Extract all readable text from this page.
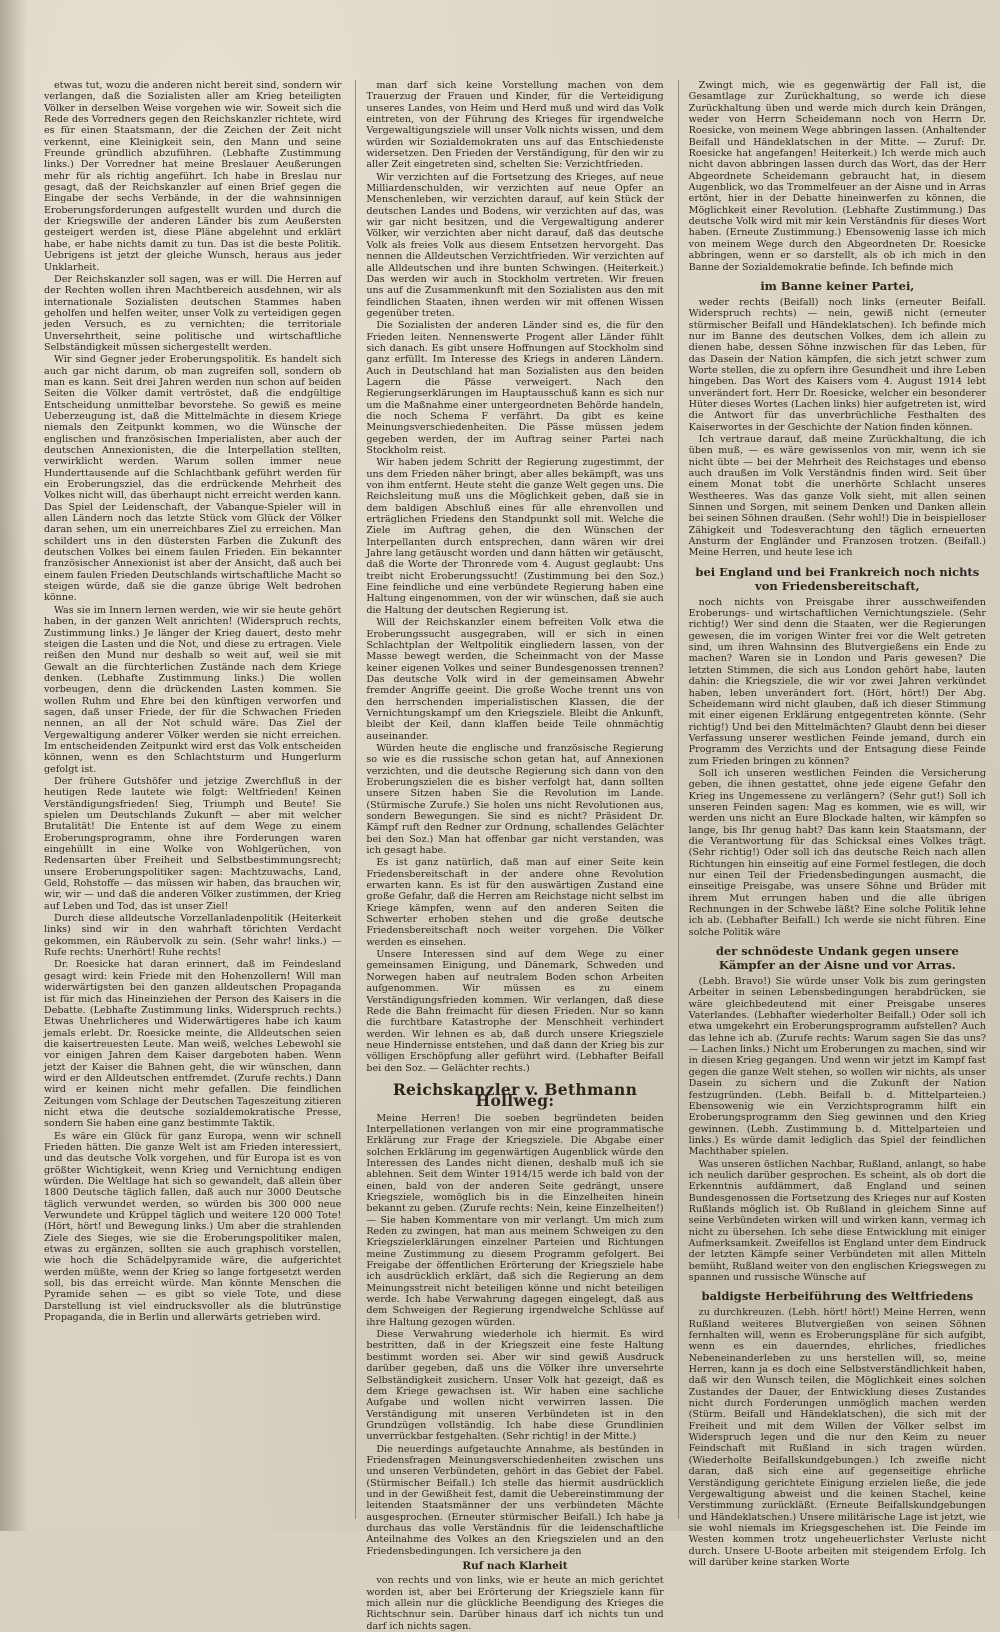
etwas tut, wozu die anderen nicht bereit sind, sondern wir verlangen, daß die Sozialisten aller am Krieg beteiligten Völker in derselben Weise vorgehen wie wir. Soweit sich die Rede des Vorredners gegen den Reichskanzler richtete, wird es für einen Staatsmann, der die Zeichen der Zeit nicht verkennt, eine Kleinigkeit sein, den Mann und seine Freunde gründlich abzuführen. (Lebhafte Zustimmung links.) Der Vorredner hat meine Breslauer Aeußerungen mehr für als richtig angeführt. Ich habe in Breslau nur gesagt, daß der Reichskanzler auf einen Brief gegen die Eingabe der sechs Verbände, in der die wahnsinnigen Eroberungsforderungen aufgestellt wurden und durch die der Kriegswille der anderen Länder bis zum Aeußersten gesteigert werden ist, diese Pläne abgelehnt und erklärt habe, er habe nichts damit zu tun. Das ist die beste Politik. Uebrigens ist jetzt der gleiche Wunsch, heraus aus jeder Unklarheit.

Der Reichskanzler soll sagen, was er will. Die Herren auf der Rechten wollen ihren Machtbereich ausdehnen, wir als internationale Sozialisten deutschen Stammes haben geholfen und helfen weiter, unser Volk zu verteidigen gegen jeden Versuch, es zu vernichten; die territoriale Unversehrtheit, seine politische und wirtschaftliche Selbständigkeit müssen sichergestellt werden.

Wir sind Gegner jeder Eroberungspolitik. Es handelt sich auch gar nicht darum, ob man zugreifen soll, sondern ob man es kann. Seit drei Jahren werden nun schon auf beiden Seiten die Völker damit vertröstet, daß die endgültige Entscheidung unmittelbar bevorstehe. So gewiß es meine Ueberzeugung ist, daß die Mittelmächte in diesem Kriege niemals den Zeitpunkt kommen, wo die Wünsche der englischen und französischen Imperialisten, aber auch der deutschen Annexionisten, die die Interpellation stellten, verwirklicht werden. Warum sollen immer neue Hunderttausende auf die Schlachtbank geführt werden für ein Eroberungsziel, das die erdrückende Mehrheit des Volkes nicht will, das überhaupt nicht erreicht werden kann. Das Spiel der Leidenschaft, der Vabanque-Spieler will in allen Ländern noch das letzte Stück vom Glück der Völker daran sehen, um ein unerreichbares Ziel zu erreichen. Man schildert uns in den düstersten Farben die Zukunft des deutschen Volkes bei einem faulen Frieden. Ein bekannter französischer Annexionist ist aber der Ansicht, daß auch bei einem faulen Frieden Deutschlands wirtschaftliche Macht so steigen würde, daß sie die ganze übrige Welt bedrohen könne.

Was sie im Innern lernen werden, wie wir sie heute gehört haben, in der ganzen Welt anrichten! (Widerspruch rechts, Zustimmung links.) Je länger der Krieg dauert, desto mehr steigen die Lasten und die Not, und diese zu ertragen. Viele reißen den Mund nur deshalb so weit auf, weil sie mit Gewalt an die fürchterlichen Zustände nach dem Kriege denken. (Lebhafte Zustimmung links.) Die wollen vorbeugen, denn die drückenden Lasten kommen. Sie wollen Ruhm und Ehre bei den künftigen verworfen und sagen, daß unser Friede, der für die Schwachen Frieden nennen, an all der Not schuld wäre. Das Ziel der Vergewaltigung anderer Völker werden sie nicht erreichen. Im entscheidenden Zeitpunkt wird erst das Volk entscheiden können, wenn es den Schlachtsturm und Hungerlurm gefolgt ist.

Der frühere Gutshöfer und jetzige Zwerchfluß in der heutigen Rede lautete wie folgt: Weltfrieden! Keinen Verständigungsfrieden! Sieg, Triumph und Beute! Sie spielen um Deutschlands Zukunft — aber mit welcher Brutalität! Die Entente ist auf dem Wege zu einem Eroberungsprogramm, ohne ihre Forderungen waren eingehüllt in eine Wolke von Wohlgerüchen, von Redensarten über Freiheit und Selbstbestimmungsrecht; unsere Eroberungspolitiker sagen: Machtzuwachs, Land, Geld, Rohstoffe — das müssen wir haben, das brauchen wir, wir, wir — und daß die anderen Völker zustimmen, der Krieg auf Leben und Tod, das ist unser Ziel!

Durch diese alldeutsche Vorzellanladenpolitik (Heiterkeit links) sind wir in den wahrhaft törichten Verdacht gekommen, ein Räubervolk zu sein. (Sehr wahr! links.) — Rufe rechts: Unerhört! Ruhe rechts!

Dr. Roesicke hat daran erinnert, daß im Feindesland gesagt wird: kein Friede mit den Hohenzollern! Will man widerwärtigsten bei den ganzen alldeutschen Propaganda ist für mich das Hineinziehen der Person des Kaisers in die Debatte. (Lebhafte Zustimmung links, Widerspruch rechts.) Etwas Unehrlicheres und Widerwärtigeres habe ich kaum jemals erlebt. Dr. Roesicke meinte, die Alldeutschen seien die kaisertreuesten Leute. Man weiß, welches Lebewohl sie vor einigen Jahren dem Kaiser dargeboten haben. Wenn jetzt der Kaiser die Bahnen geht, die wir wünschen, dann wird er den Alldeutschen entfremdet. (Zurufe rechts.) Dann wird er keinen nicht mehr gefallen. Die feindlichen Zeitungen vom Schlage der Deutschen Tageszeitung zitieren nicht etwa die deutsche sozialdemokratische Presse, sondern Sie haben eine ganz bestimmte Taktik.

Es wäre ein Glück für ganz Europa, wenn wir schnell Frieden hätten. Die ganze Welt ist am Frieden interessiert, und das deutsche Volk vorgehen, und für Europa ist es von größter Wichtigkeit, wenn Krieg und Vernichtung endigen würden. Die Weltlage hat sich so gewandelt, daß allein über 1800 Deutsche täglich fallen, daß auch nur 3000 Deutsche täglich verwundet werden, so würden bis 300 000 neue Verwundete und Krüppel täglich und weitere 120 000 Tote! (Hört, hört! und Bewegung links.) Um aber die strahlenden Ziele des Sieges, wie sie die Eroberungspolitiker malen, etwas zu ergänzen, sollten sie auch graphisch vorstellen, wie hoch die Schädelpyramide wäre, die aufgerichtet werden müßte, wenn der Krieg so lange fortgesetzt werden soll, bis das erreicht würde. Man könnte Menschen die Pyramide sehen — es gibt so viele Tote, und diese Darstellung ist viel eindrucksvoller als die blutrünstige Propaganda, die in Berlin und allerwärts getrieben wird.

man darf sich keine Vorstellung machen von dem Trauerzug der Frauen und Kinder, für die Verteidigung unseres Landes, von Heim und Herd muß und wird das Volk eintreten, von der Führung des Krieges für irgendwelche Vergewaltigungsziele will unser Volk nichts wissen, und dem würden wir Sozialdemokraten uns auf das Entschiedenste widersetzen. Den Frieden der Verständigung, für den wir zu aller Zeit eingetreten sind, schelten Sie: Verzichtfrieden.

Wir verzichten auf die Fortsetzung des Krieges, auf neue Milliardenschulden, wir verzichten auf neue Opfer an Menschenleben, wir verzichten darauf, auf kein Stück der deutschen Landes und Bodens, wir verzichten auf das, was wir gar nicht besitzen, und die Vergewaltigung anderer Völker, wir verzichten aber nicht darauf, daß das deutsche Volk als freies Volk aus diesem Entsetzen hervorgeht. Das nennen die Alldeutschen Verzichtfrieden. Wir verzichten auf alle Alldeutschen und ihre bunten Schwingen. (Heiterkeit.) Das werden wir auch in Stockholm vertreten. Wir freuen uns auf die Zusammenkunft mit den Sozialisten aus den mit feindlichen Staaten, ihnen werden wir mit offenen Wissen gegenüber treten.

Die Sozialisten der anderen Länder sind es, die für den Frieden leiten. Nennenswerte Progent aller Länder fühlt sich danach. Es gibt unsere Hoffnungen auf Stockholm sind ganz erfüllt. Im Interesse des Kriegs in anderen Ländern. Auch in Deutschland hat man Sozialisten aus den beiden Lagern die Pässe verweigert. Nach den Regierungserklärungen im Hauptausschuß kann es sich nur um die Maßnahme einer untergeordneten Behörde handeln, die noch Schema F verfährt. Da gibt es keine Meinungsverschiedenheiten. Die Pässe müssen jedem gegeben werden, der im Auftrag seiner Partei nach Stockholm reist.

Wir haben jedem Schritt der Regierung zugestimmt, der uns dem Frieden näher bringt, aber alles bekämpft, was uns von ihm entfernt. Heute steht die ganze Welt gegen uns. Die Reichsleitung muß uns die Möglichkeit geben, daß sie in dem baldigen Abschluß eines für alle ehrenvollen und erträglichen Friedens den Standpunkt soll mit. Welche die Ziele im Auftrag gehen, die den Wünschen der Interpellanten durch entsprechen, dann wären wir drei Jahre lang getäuscht worden und dann hätten wir getäuscht, daß die Worte der Thronrede vom 4. August geglaubt: Uns treibt nicht Eroberungssucht! (Zustimmung bei den Soz.) Eine feindliche und eine verbündete Regierung haben eine Haltung eingenommen, von der wir wünschen, daß sie auch die Haltung der deutschen Regierung ist.

Will der Reichskanzler einem befreiten Volk etwa die Eroberungssucht ausgegraben, will er sich in einen Schlachtplan der Weltpolitik eingliedern lassen, von der Masse bewegt werden, die Scheinmacht von der Masse keiner eigenen Volkes und seiner Bundesgenossen trennen? Das deutsche Volk wird in der gemeinsamen Abwehr fremder Angriffe geeint. Die große Woche trennt uns von den herrschenden imperialistischen Klassen, die der Vernichtungskampf um den Kriegsziele. Bleibt die Ankunft, bleibt der Keil, dann klaffen beide Teile ohnmächtig auseinander.

Würden heute die englische und französische Regierung so wie es die russische schon getan hat, auf Annexionen verzichten, und die deutsche Regierung sich dann von den Eroberungszielen die es bisher verfolgt hat, dann sollten unsere Sitzen haben Sie die Revolution im Lande. (Stürmische Zurufe.) Sie holen uns nicht Revolutionen aus, sondern Bewegungen. Sie sind es nicht? Präsident Dr. Kämpf ruft den Redner zur Ordnung, schallendes Gelächter bei den Soz.) Man hat offenbar gar nicht verstanden, was ich gesagt habe.

Es ist ganz natürlich, daß man auf einer Seite kein Friedensbereitschaft in der andere ohne Revolution erwarten kann. Es ist für den auswärtigen Zustand eine große Gefahr, daß die Herren am Reichstage nicht selbst im Kriege kämpfen, wenn auf den anderen Seiten die Schwerter erhoben stehen und die große deutsche Friedensbereitschaft noch weiter vorgehen. Die Völker werden es einsehen.

Unsere Interessen sind auf dem Wege zu einer gemeinsamen Einigung, und Dänemark, Schweden und Norwegen haben auf neutralem Boden schon Arbeiten aufgenommen. Wir müssen es zu einem Verständigungsfrieden kommen. Wir verlangen, daß diese Rede die Bahn freimacht für diesen Frieden. Nur so kann die furchtbare Katastrophe der Menschheit verhindert werden. Wir lehnen es ab, daß durch unsere Kriegsziele neue Hindernisse entstehen, und daß dann der Krieg bis zur völligen Erschöpfung aller geführt wird. (Lebhafter Beifall bei den Soz. — Gelächter rechts.)

Reichskanzler v. Bethmann Hollweg:

Meine Herren! Die soeben begründeten beiden Interpellationen verlangen von mir eine programmatische Erklärung zur Frage der Kriegsziele. Die Abgabe einer solchen Erklärung im gegenwärtigen Augenblick würde den Interessen des Landes nicht dienen, deshalb muß ich sie ablehnen. Seit dem Winter 1914/15 werde ich bald von der einen, bald von der anderen Seite gedrängt, unsere Kriegsziele, womöglich bis in die Einzelheiten hinein bekannt zu geben. (Zurufe rechts: Nein, keine Einzelheiten!) — Sie haben Kommentare von mir verlangt. Um mich zum Reden zu zwingen, hat man aus meinem Schweigen zu den Kriegszielerklärungen einzelner Parteien und Richtungen meine Zustimmung zu diesem Programm gefolgert. Bei Freigabe der öffentlichen Erörterung der Kriegsziele habe ich ausdrücklich erklärt, daß sich die Regierung an dem Meinungsstreit nicht beteiligen könne und nicht beteiligen werde. Ich habe Verwahrung dagegen eingelegt, daß aus dem Schweigen der Regierung irgendwelche Schlüsse auf ihre Haltung gezogen würden.

Diese Verwahrung wiederhole ich hiermit. Es wird bestritten, daß in der Kriegszeit eine feste Haltung bestimmt worden sei. Aber wir sind gewiß Ausdruck darüber gegeben, daß uns die Völker ihre unversehrte Selbständigkeit zusichern. Unser Volk hat gezeigt, daß es dem Kriege gewachsen ist. Wir haben eine sachliche Aufgabe und wollen nicht verwirren lassen. Die Verständigung mit unseren Verbündeten ist in den Grundzügen vollständig. Ich habe diese Grundlinien unverrückbar festgehalten. (Sehr richtig! in der Mitte.)

Die neuerdings aufgetauchte Annahme, als bestünden in Friedensfragen Meinungsverschiedenheiten zwischen uns und unseren Verbündeten, gehört in das Gebiet der Fabel. (Stürmischer Beifall.) Ich stelle das hiermit ausdrücklich und in der Gewißheit fest, damit die Uebereinstimmung der leitenden Staatsmänner der uns verbündeten Mächte ausgesprochen. (Erneuter stürmischer Beifall.) Ich habe ja durchaus das volle Verständnis für die leidenschaftliche Anteilnahme des Volkes an den Kriegszielen und an den Friedensbedingungen. Ich versichere ja den

Ruf nach Klarheit

von rechts und von links, wie er heute an mich gerichtet worden ist, aber bei Erörterung der Kriegsziele kann für mich allein nur die glückliche Beendigung des Krieges die Richtschnur sein. Darüber hinaus darf ich nichts tun und darf ich nichts sagen.

Zwingt mich, wie es gegenwärtig der Fall ist, die Gesamtlage zur Zurückhaltung, so werde ich diese Zurückhaltung üben und werde mich durch kein Drängen, weder von Herrn Scheidemann noch von Herrn Dr. Roesicke, von meinem Wege abbringen lassen. (Anhaltender Beifall und Händeklatschen in der Mitte. — Zuruf: Dr. Roesicke hat angefangen! Heiterkeit.) Ich werde mich auch nicht davon abbringen lassen durch das Wort, das der Herr Abgeordnete Scheidemann gebraucht hat, in diesem Augenblick, wo das Trommelfeuer an der Aisne und in Arras ertönt, hier in der Debatte hineinwerfen zu können, die Möglichkeit einer Revolution. (Lebhafte Zustimmung.) Das deutsche Volk wird mit mir kein Verständnis für dieses Wort haben. (Erneute Zustimmung.) Ebensowenig lasse ich mich von meinem Wege durch den Abgeordneten Dr. Roesicke abbringen, wenn er so darstellt, als ob ich mich in den Banne der Sozialdemokratie befinde. Ich befinde mich

im Banne keiner Partei,

weder rechts (Beifall) noch links (erneuter Beifall. Widerspruch rechts) — nein, gewiß nicht (erneuter stürmischer Beifall und Händeklatschen). Ich befinde mich nur im Banne des deutschen Volkes, dem ich allein zu dienen habe, dessen Söhne inzwischen für das Leben, für das Dasein der Nation kämpfen, die sich jetzt schwer zum Worte stellen, die zu opfern ihre Gesundheit und ihre Leben hingeben. Das Wort des Kaisers vom 4. August 1914 lebt unverändert fort. Herr Dr. Roesicke, welcher ein besonderer Hüter dieses Wortes (Lachen links) hier aufgetreten ist, wird die Antwort für das unverbrüchliche Festhalten des Kaiserwortes in der Geschichte der Nation finden können.

Ich vertraue darauf, daß meine Zurückhaltung, die ich üben muß, — es wäre gewissenlos von mir, wenn ich sie nicht übte — bei der Mehrheit des Reichstages und ebenso auch draußen im Volk Verständnis finden wird. Seit über einem Monat tobt die unerhörte Schlacht unseres Westheeres. Was das ganze Volk sieht, mit allen seinen Sinnen und Sorgen, mit seinem Denken und Danken allein bei seinen Söhnen draußen. (Sehr wohl!) Die in beispielloser Zähigkeit und Todesverachtung den täglich erneuerten Ansturm der Engländer und Franzosen trotzen. (Beifall.) Meine Herren, und heute lese ich

bei England und bei Frankreich noch nichts von Friedensbereitschaft,

noch nichts von Preisgabe ihrer ausschweifenden Eroberungs- und wirtschaftlichen Vernichtungsziele. (Sehr richtig!) Wer sind denn die Staaten, wer die Regierungen gewesen, die im vorigen Winter frei vor die Welt getreten sind, um ihren Wahnsinn des Blutvergießens ein Ende zu machen? Waren sie in London und Paris gewesen? Die letzten Stimmen, die sich aus London gehört habe, lauten dahin: die Kriegsziele, die wir vor zwei Jahren verkündet haben, leben unverändert fort. (Hört, hört!) Der Abg. Scheidemann wird nicht glauben, daß ich dieser Stimmung mit einer eigenen Erklärung entgegentreten könnte. (Sehr richtig!) Und bei den Mittelmächten? Glaubt denn bei dieser Verfassung unserer westlichen Feinde jemand, durch ein Programm des Verzichts und der Entsagung diese Feinde zum Frieden bringen zu können?

Soll ich unseren westlichen Feinden die Versicherung geben, die ihnen gestattet, ohne jede eigene Gefahr den Krieg ins Ungemessene zu verlängern? (Sehr gut!) Soll ich unseren Feinden sagen: Mag es kommen, wie es will, wir werden uns nicht an Eure Blockade halten, wir kämpfen so lange, bis Ihr genug habt? Das kann kein Staatsmann, der die Verantwortung für das Schicksal eines Volkes trägt. (Sehr richtig!) Oder soll ich das deutsche Reich nach allen Richtungen hin einseitig auf eine Formel festlegen, die doch nur einen Teil der Friedensbedingungen ausmacht, die einseitige Preisgabe, was unsere Söhne und Brüder mit ihrem Mut errungen haben und die alle übrigen Rechnungen in der Schwebe läßt? Eine solche Politik lehne ich ab. (Lebhafter Beifall.) Ich werde sie nicht führen. Eine solche Politik wäre

der schnödeste Undank gegen unsere Kämpfer an der Aisne und vor Arras.

(Lebh. Bravo!) Sie würde unser Volk bis zum geringsten Arbeiter in seinen Lebensbedingungen herabdrücken, sie wäre gleichbedeutend mit einer Preisgabe unseres Vaterlandes. (Lebhafter wiederholter Beifall.) Oder soll ich etwa umgekehrt ein Eroberungsprogramm aufstellen? Auch das lehne ich ab. (Zurufe rechts: Warum sagen Sie das uns? — Lachen links.) Nicht um Eroberungen zu machen, sind wir in diesen Krieg gegangen. Und wenn wir jetzt im Kampf fast gegen die ganze Welt stehen, so wollen wir nichts, als unser Dasein zu sichern und die Zukunft der Nation festzugründen. (Lebh. Beifall b. d. Mittelparteien.) Ebensowenig wie ein Verzichtsprogramm hilft ein Eroberungsprogramm den Sieg gewinnen und den Krieg gewinnen. (Lebh. Zustimmung b. d. Mittelparteien und links.) Es würde damit lediglich das Spiel der feindlichen Machthaber spielen.

Was unseren östlichen Nachbar, Rußland, anlangt, so habe ich neulich darüber gesprochen. Es scheint, als ob dort die Erkenntnis aufdämmert, daß England und seinen Bundesgenossen die Fortsetzung des Krieges nur auf Kosten Rußlands möglich ist. Ob Rußland in gleichem Sinne auf seine Verbündeten wirken will und wirken kann, vermag ich nicht zu übersehen. Ich sehe diese Entwicklung mit einiger Aufmerksamkeit. Zweifellos ist England unter dem Eindruck der letzten Kämpfe seiner Verbündeten mit allen Mitteln bemüht, Rußland weiter von den englischen Kriegswegen zu spannen und russische Wünsche auf

baldigste Herbeiführung des Weltfriedens

zu durchkreuzen. (Lebh. hört! hört!) Meine Herren, wenn Rußland weiteres Blutvergießen von seinen Söhnen fernhalten will, wenn es Eroberungspläne für sich aufgibt, wenn es ein dauerndes, ehrliches, friedliches Nebeneinanderleben zu uns herstellen will, so, meine Herren, kann ja es doch eine Selbstverständlichkeit haben, daß wir den Wunsch teilen, die Möglichkeit eines solchen Zustandes der Dauer, der Entwicklung dieses Zustandes nicht durch Forderungen unmöglich machen werden (Stürm. Beifall und Händeklatschen), die sich mit der Freiheit und mit dem Willen der Völker selbst im Widerspruch legen und die nur den Keim zu neuer Feindschaft mit Rußland in sich tragen würden. (Wiederholte Beifallskundgebungen.) Ich zweifle nicht daran, daß sich eine auf gegenseitige ehrliche Verständigung gerichtete Einigung erzielen ließe, die jede Vergewaltigung abweist und die keinen Stachel, keine Verstimmung zurückläßt. (Erneute Beifallskundgebungen und Händeklatschen.) Unsere militärische Lage ist jetzt, wie sie wohl niemals im Kriegsgeschehen ist. Die Feinde im Westen kommen trotz ungeheuerlichster Verluste nicht durch. Unsere U-Boote arbeiten mit steigendem Erfolg. Ich will darüber keine starken Worte
